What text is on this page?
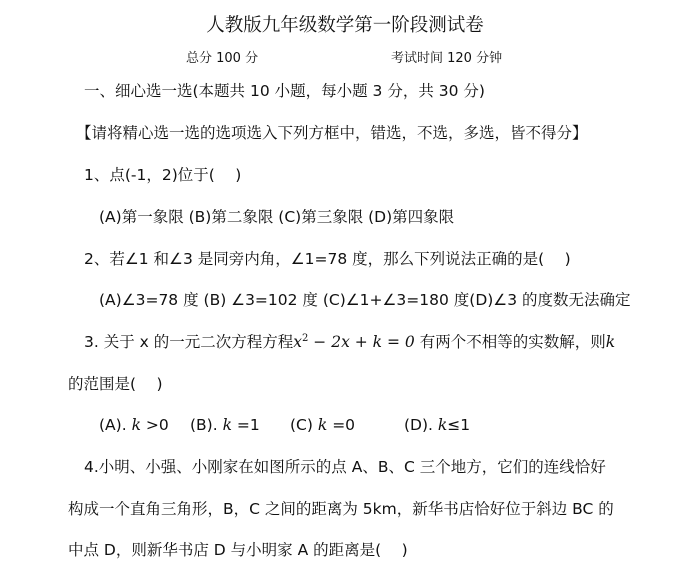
人教版九年级数学第一阶段测试卷
总分 100 分	考试时间 120 分钟
一、细心选一选(本题共 10 小题，每小题 3 分，共 30 分)
【请将精心选一选的选项选入下列方框中，错选，不选，多选，皆不得分】
1、点(-1，2)位于(　 )
(A)第一象限 (B)第二象限 (C)第三象限 (D)第四象限
2、若∠1 和∠3 是同旁内角，∠1=78 度，那么下列说法正确的是(　 )
(A)∠3=78 度 (B) ∠3=102 度 (C)∠1+∠3=180 度(D)∠3 的度数无法确定
3. 关于 x 的一元二次方程方程$x^2 - 2x + k = 0$ 有两个不相等的实数解，则k
的范围是(　 )
(A). k >0 (B). k =1 (C) k =0	(D). k≤1
4.小明、小强、小刚家在如图所示的点 A、B、C 三个地方，它们的连线恰好
构成一个直角三角形，B，C 之间的距离为 5km，新华书店恰好位于斜边 BC 的
中点 D，则新华书店 D 与小明家 A 的距离是(　 )
